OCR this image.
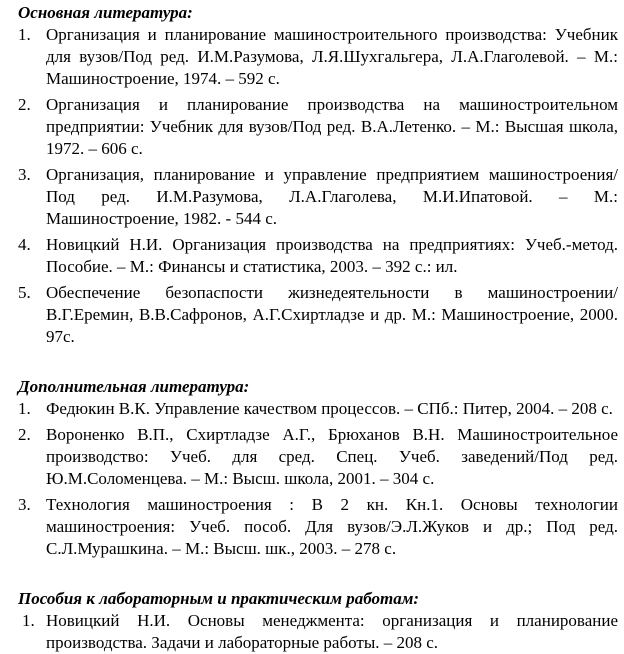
Основная литература:

1. Организация и планирование машиностроительного производства: Учебник для вузов/Под ред. И.М.Разумова, Л.Я.Шухгальгера, Л.А.Глаголевой. – М.: Машиностроение, 1974. – 592 с.
2. Организация и планирование производства на машиностроительном предприятии: Учебник для вузов/Под ред. В.А.Летенко. – М.: Высшая школа, 1972. – 606 с.
3. Организация, планирование и управление предприятием машиностроения/Под ред. И.М.Разумова, Л.А.Глаголева, М.И.Ипатовой. – М.: Машиностроение, 1982. - 544 с.
4. Новицкий Н.И. Организация производства на предприятиях: Учеб.-метод. Пособие. – М.: Финансы и статистика, 2003. – 392 с.: ил.
5. Обеспечение безопаспости жизнедеятельности в машиностроении/В.Г.Еремин, В.В.Сафронов, А.Г.Схиртладзе и др. М.: Машиностроение, 2000. 97с.

Дополнительная литература:

1. Федюкин В.К. Управление качеством процессов. – СПб.: Питер, 2004. – 208 с.
2. Вороненко В.П., Схиртладзе А.Г., Брюханов В.Н. Машиностроительное производство: Учеб. для сред. Спец. Учеб. заведений/Под ред. Ю.М.Соломенцева. – М.: Высш. школа, 2001. – 304 с.
3. Технология машиностроения : В 2 кн. Кн.1. Основы технологии машиностроения: Учеб. пособ. Для вузов/Э.Л.Жуков и др.; Под ред. С.Л.Мурашкина. – М.: Высш. шк., 2003. – 278 с.

Пособия к лабораторным и практическим работам:

1. Новицкий Н.И. Основы менеджмента: организация и планирование производства. Задачи и лабораторные работы. – 208 с.
